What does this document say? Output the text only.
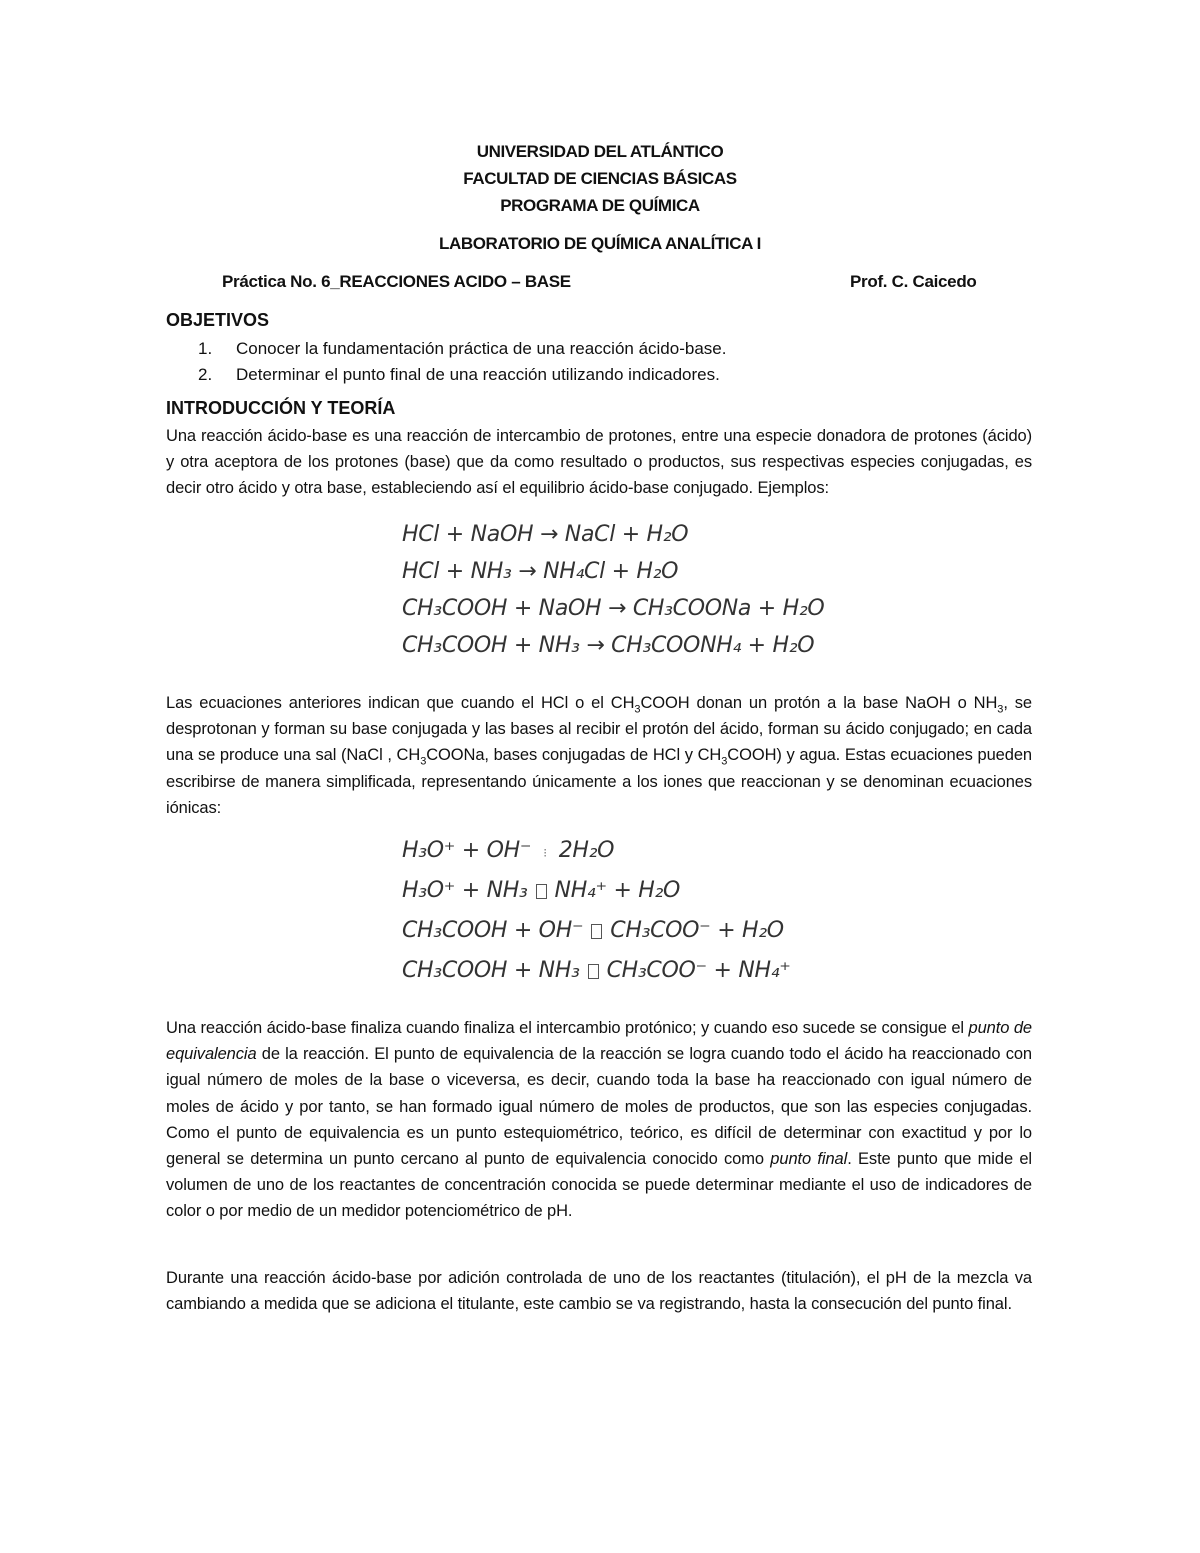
UNIVERSIDAD DEL ATLÁNTICO
FACULTAD DE CIENCIAS BÁSICAS
PROGRAMA DE QUÍMICA
LABORATORIO DE QUÍMICA ANALÍTICA I
Práctica No. 6_REACCIONES ACIDO – BASE	Prof. C. Caicedo
OBJETIVOS
1. Conocer la fundamentación práctica de una reacción ácido-base.
2. Determinar el punto final de una reacción utilizando indicadores.
INTRODUCCIÓN Y TEORÍA

Una reacción ácido-base es una reacción de intercambio de protones, entre una especie donadora de protones (ácido) y otra aceptora de los protones (base) que da como resultado o productos, sus respectivas especies conjugadas, es decir otro ácido y otra base, estableciendo así el equilibrio ácido-base conjugado. Ejemplos:

HCl + NaOH → NaCl + H₂O
HCl + NH₃ → NH₄Cl + H₂O
CH₃COOH + NaOH → CH₃COONa + H₂O
CH₃COOH + NH₃ → CH₃COONH₄ + H₂O

Las ecuaciones anteriores indican que cuando el HCl o el $CH_3COOH$ donan un protón a la base NaOH o $NH_3$, se desprotonan y forman su base conjugada y las bases al recibir el protón del ácido, forman su ácido conjugado; en cada una se produce una sal (NaCl , $CH_3COONa$, bases conjugadas de HCl y $CH_3COOH$) y agua. Estas ecuaciones pueden escribirse de manera simplificada, representando únicamente a los iones que reaccionan y se denominan ecuaciones iónicas:

H₃O⁺ + OH⁻ ⁝ 2H₂O
H₃O⁺ + NH₃ NH₄⁺ + H₂O
CH₃COOH + OH⁻ CH₃COO⁻ + H₂O
CH₃COOH + NH₃ CH₃COO⁻ + NH₄⁺

Una reacción ácido-base finaliza cuando finaliza el intercambio protónico; y cuando eso sucede se consigue el punto de equivalencia de la reacción. El punto de equivalencia de la reacción se logra cuando todo el ácido ha reaccionado con igual número de moles de la base o viceversa, es decir, cuando toda la base ha reaccionado con igual número de moles de ácido y por tanto, se han formado igual número de moles de productos, que son las especies conjugadas. Como el punto de equivalencia es un punto estequiométrico, teórico, es difícil de determinar con exactitud y por lo general se determina un punto cercano al punto de equivalencia conocido como punto final. Este punto que mide el volumen de uno de los reactantes de concentración conocida se puede determinar mediante el uso de indicadores de color o por medio de un medidor potenciométrico de pH.

Durante una reacción ácido-base por adición controlada de uno de los reactantes (titulación), el pH de la mezcla va cambiando a medida que se adiciona el titulante, este cambio se va registrando, hasta la consecución del punto final.
